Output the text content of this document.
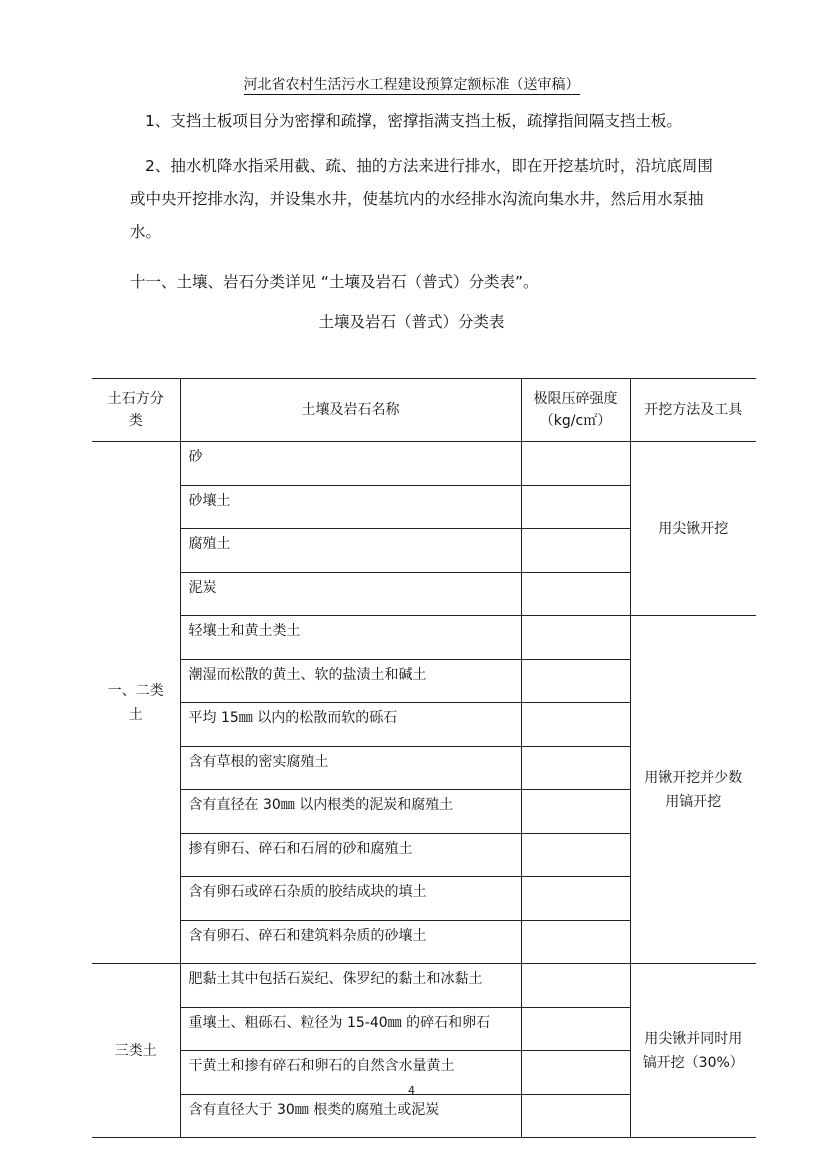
河北省农村生活污水工程建设预算定额标准（送审稿）

1、支挡土板项目分为密撑和疏撑，密撑指满支挡土板，疏撑指间隔支挡土板。

2、抽水机降水指采用截、疏、抽的方法来进行排水，即在开挖基坑时，沿坑底周围或中央开挖排水沟，并设集水井，使基坑内的水经排水沟流向集水井，然后用水泵抽水。

十一、土壤、岩石分类详见 “土壤及岩石（普式）分类表”。

土壤及岩石（普式）分类表
土石方分类	土壤及岩石名称	极限压碎强度（kg/c㎡）	开挖方法及工具

一、二类土	砂		用尖锹开挖
	砂壤土		
	腐殖土		
	泥炭		
	轻壤土和黄土类土		用锹开挖并少数用镐开挖

	潮湿而松散的黄土、软的盐渍土和碱土		
	平均 15㎜ 以内的松散而软的砾石		
	含有草根的密实腐殖土		
	含有直径在 30㎜ 以内根类的泥炭和腐殖土		
	掺有卵石、碎石和石屑的砂和腐殖土		
	含有卵石或碎石杂质的胶结成块的填土		
	含有卵石、碎石和建筑料杂质的砂壤土		
三类土	肥黏土其中包括石炭纪、侏罗纪的黏土和冰黏土		用尖锹并同时用镐开挖（30%）

	重壤土、粗砾石、粒径为 15-40㎜ 的碎石和卵石		
	干黄土和掺有碎石和卵石的自然含水量黄土		
	含有直径大于 30㎜ 根类的腐殖土或泥炭		
4
